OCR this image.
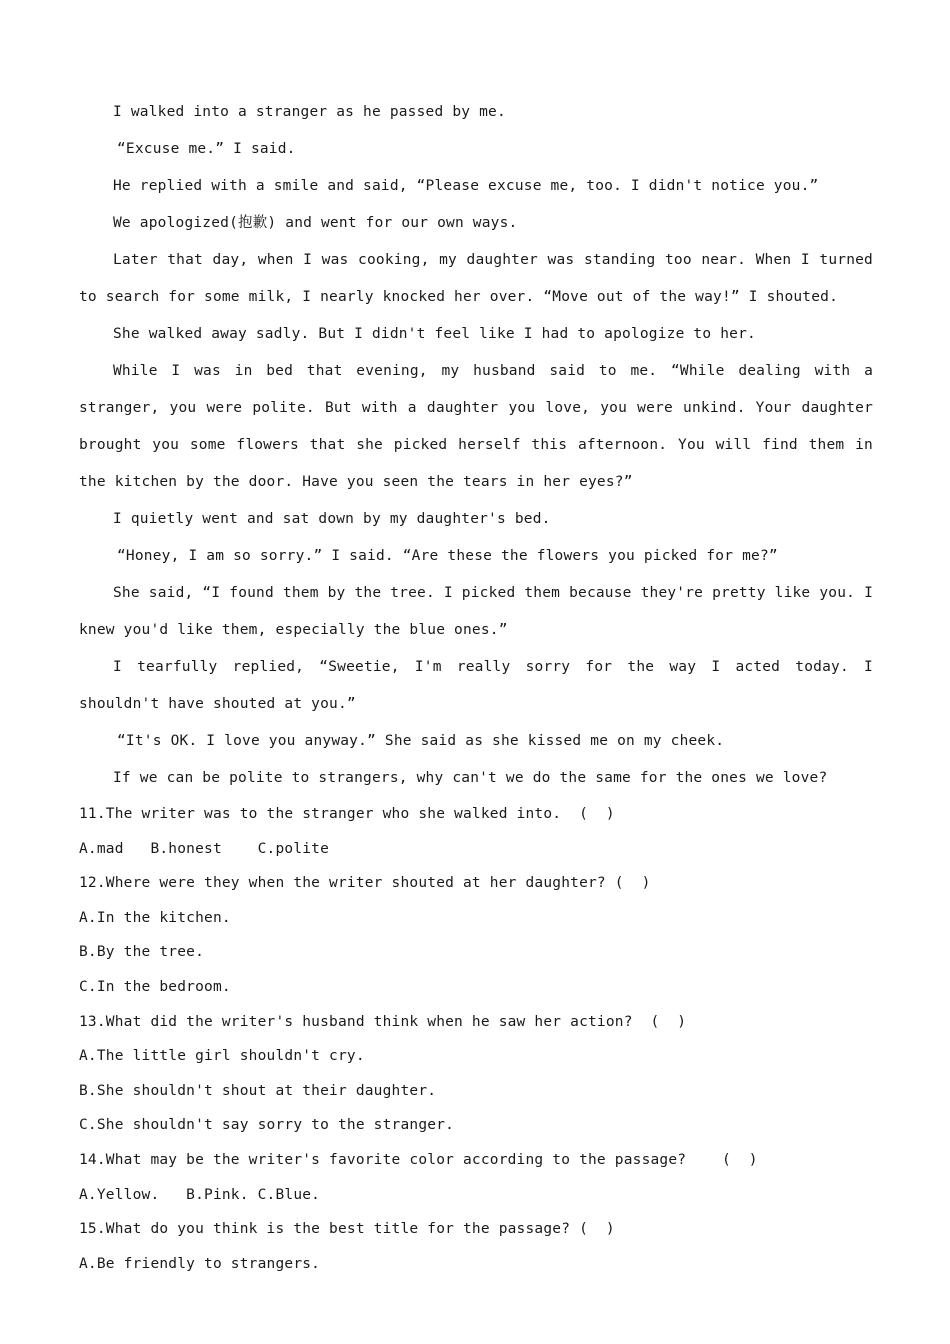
I walked into a stranger as he passed by me.

“Excuse me.” I said.

He replied with a smile and said, “Please excuse me, too. I didn't notice you.”

We apologized(抱歉) and went for our own ways.

Later that day, when I was cooking, my daughter was standing too near. When I turned to search for some milk, I nearly knocked her over. “Move out of the way!” I shouted.

She walked away sadly. But I didn't feel like I had to apologize to her.

While I was in bed that evening, my husband said to me. “While dealing with a stranger, you were polite. But with a daughter you love, you were unkind. Your daughter brought you some flowers that she picked herself this afternoon. You will find them in the kitchen by the door. Have you seen the tears in her eyes?”

I quietly went and sat down by my daughter's bed.

“Honey, I am so sorry.” I said. “Are these the flowers you picked for me?”

She said, “I found them by the tree. I picked them because they're pretty like you. I knew you'd like them, especially the blue ones.”

I tearfully replied, “Sweetie, I'm really sorry for the way I acted today. I shouldn't have shouted at you.”

“It's OK. I love you anyway.” She said as she kissed me on my cheek.

If we can be polite to strangers, why can't we do the same for the ones we love?

11.The writer was to the stranger who she walked into.  (  )

A.mad   B.honest    C.polite

12.Where were they when the writer shouted at her daughter? (  )

A.In the kitchen.

B.By the tree.

C.In the bedroom.

13.What did the writer's husband think when he saw her action?  (  )

A.The little girl shouldn't cry.

B.She shouldn't shout at their daughter.

C.She shouldn't say sorry to the stranger.

14.What may be the writer's favorite color according to the passage?    (  )

A.Yellow.   B.Pink. C.Blue.

15.What do you think is the best title for the passage? (  )

A.Be friendly to strangers.
